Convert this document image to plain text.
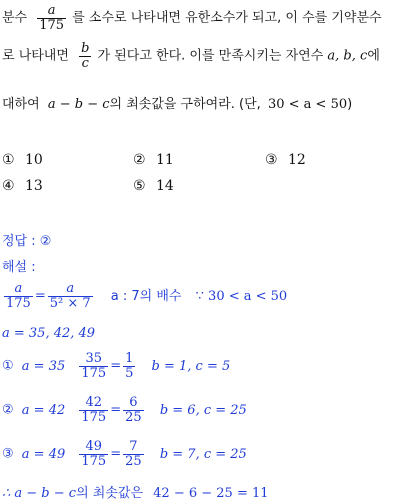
분수 $\frac{a}{175}$ 를 소수로 나타내면 유한소수가 되고, 이 수를 기약분수
로 나타내면 $\frac{b}{c}$ 가 된다고 한다. 이를 만족시키는 자연수 a, b, c에
대하여 a − b − c의 최솟값을 구하여라. (단, 30 < a < 50)
① 10	② 11	③ 12
④ 13	⑤ 14
정답 : ②
해설 :
$\frac{a}{175} = \frac{a}{\text{5² × 7}}$ a : 7의 배수 ∵ 30 < a < 50
a = 35, 42, 49
① $a = 35 \frac{35}{175} = \frac{1}{5}$ b = 1, c = 5
② $a = 42 \frac{42}{175} = \frac{6}{25}$ b = 6, c = 25
③ $a = 49 \frac{49}{175} = \frac{7}{25}$ b = 7, c = 25
∴ a − b − c의 최솟값은 42 − 6 − 25 = 11
